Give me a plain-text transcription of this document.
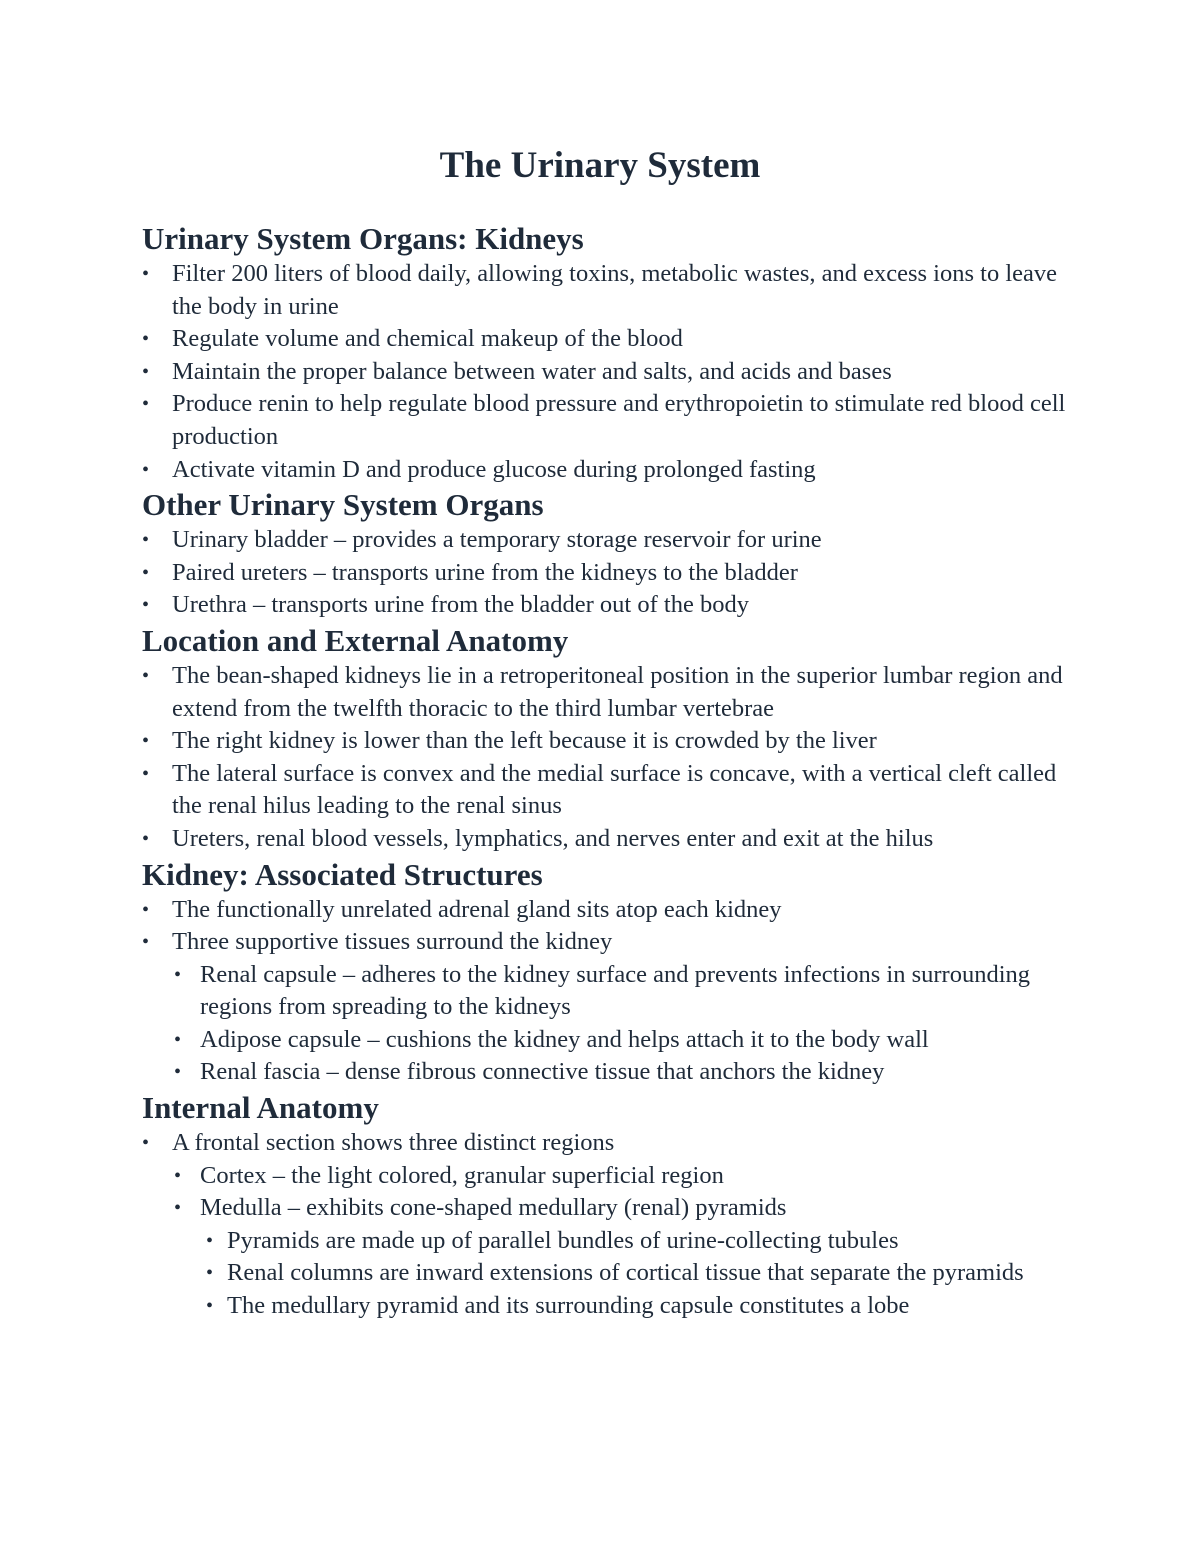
The Urinary System
Urinary System Organs: Kidneys
• Filter 200 liters of blood daily, allowing toxins, metabolic wastes, and excess ions to leave the body in urine
• Regulate volume and chemical makeup of the blood
• Maintain the proper balance between water and salts, and acids and bases
• Produce renin to help regulate blood pressure and erythropoietin to stimulate red blood cell production
• Activate vitamin D and produce glucose during prolonged fasting
Other Urinary System Organs
• Urinary bladder – provides a temporary storage reservoir for urine
• Paired ureters – transports urine from the kidneys to the bladder
• Urethra – transports urine from the bladder out of the body
Location and External Anatomy
• The bean-shaped kidneys lie in a retroperitoneal position in the superior lumbar region and extend from the twelfth thoracic to the third lumbar vertebrae
• The right kidney is lower than the left because it is crowded by the liver
• The lateral surface is convex and the medial surface is concave, with a vertical cleft called the renal hilus leading to the renal sinus
• Ureters, renal blood vessels, lymphatics, and nerves enter and exit at the hilus
Kidney: Associated Structures
• The functionally unrelated adrenal gland sits atop each kidney
• Three supportive tissues surround the kidney
• Renal capsule – adheres to the kidney surface and prevents infections in surrounding regions from spreading to the kidneys
• Adipose capsule – cushions the kidney and helps attach it to the body wall
• Renal fascia – dense fibrous connective tissue that anchors the kidney
Internal Anatomy
• A frontal section shows three distinct regions
• Cortex – the light colored, granular superficial region
• Medulla – exhibits cone-shaped medullary (renal) pyramids
• Pyramids are made up of parallel bundles of urine-collecting tubules
• Renal columns are inward extensions of cortical tissue that separate the pyramids
• The medullary pyramid and its surrounding capsule constitutes a lobe
